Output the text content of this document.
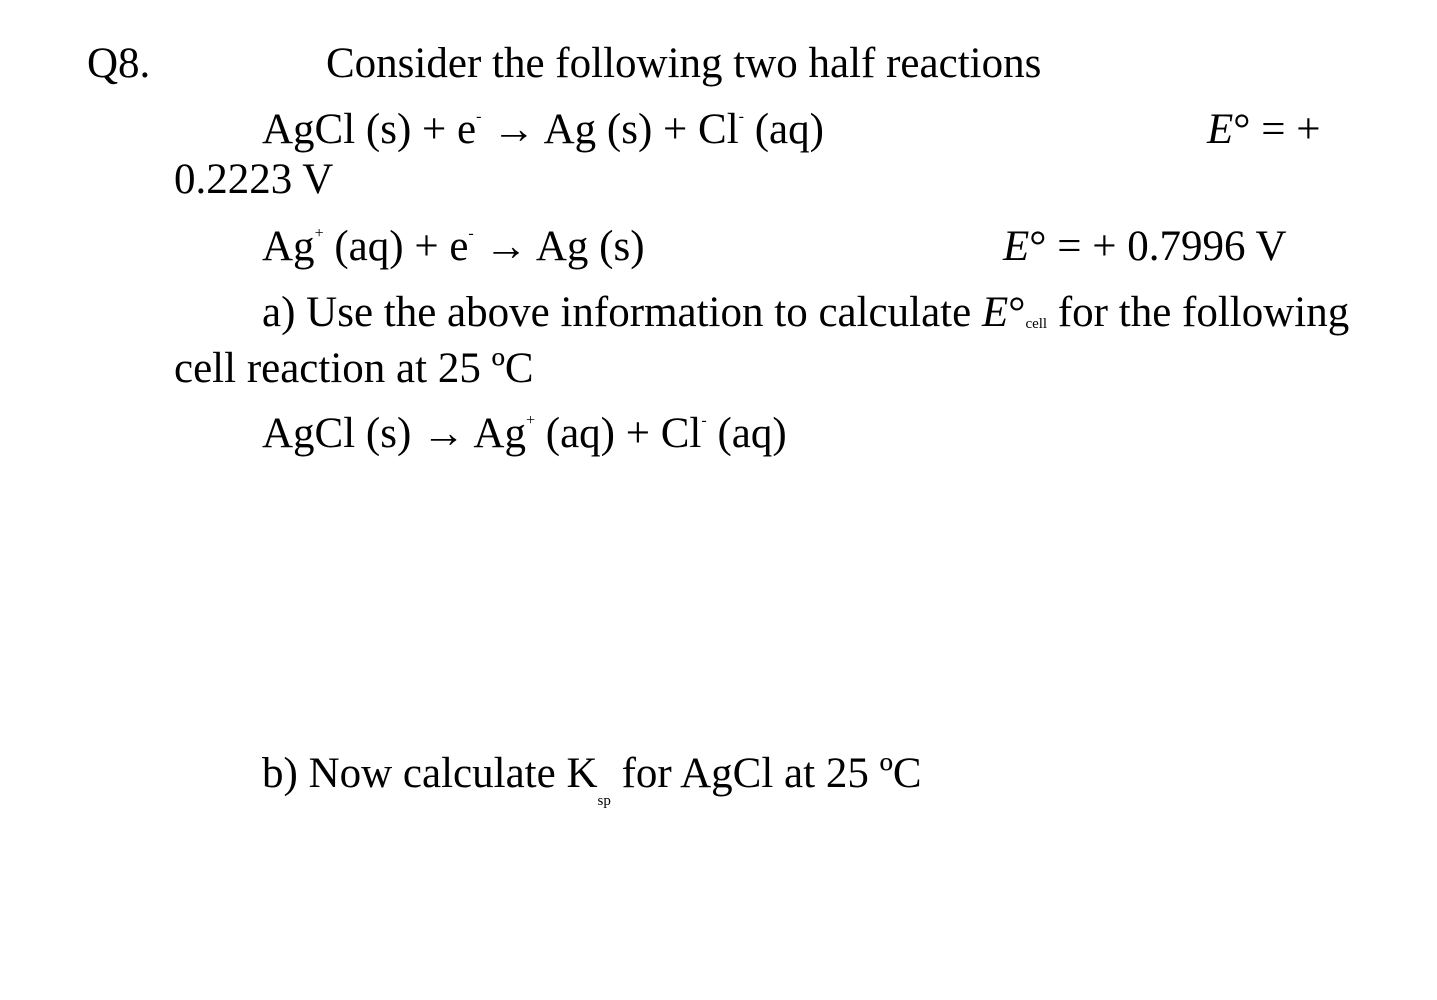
Q8.	Consider the following two half reactions
AgCl (s) + e- → Ag (s) + Cl- (aq)	E° = +
0.2223 V
Ag+ (aq) + e- → Ag (s)	E° = + 0.7996 V
a) Use the above information to calculate E°cell for the following
cell reaction at 25 ºC
AgCl (s) → Ag+ (aq) + Cl- (aq)
b) Now calculate $K_{sp}$ for AgCl at 25 ºC
